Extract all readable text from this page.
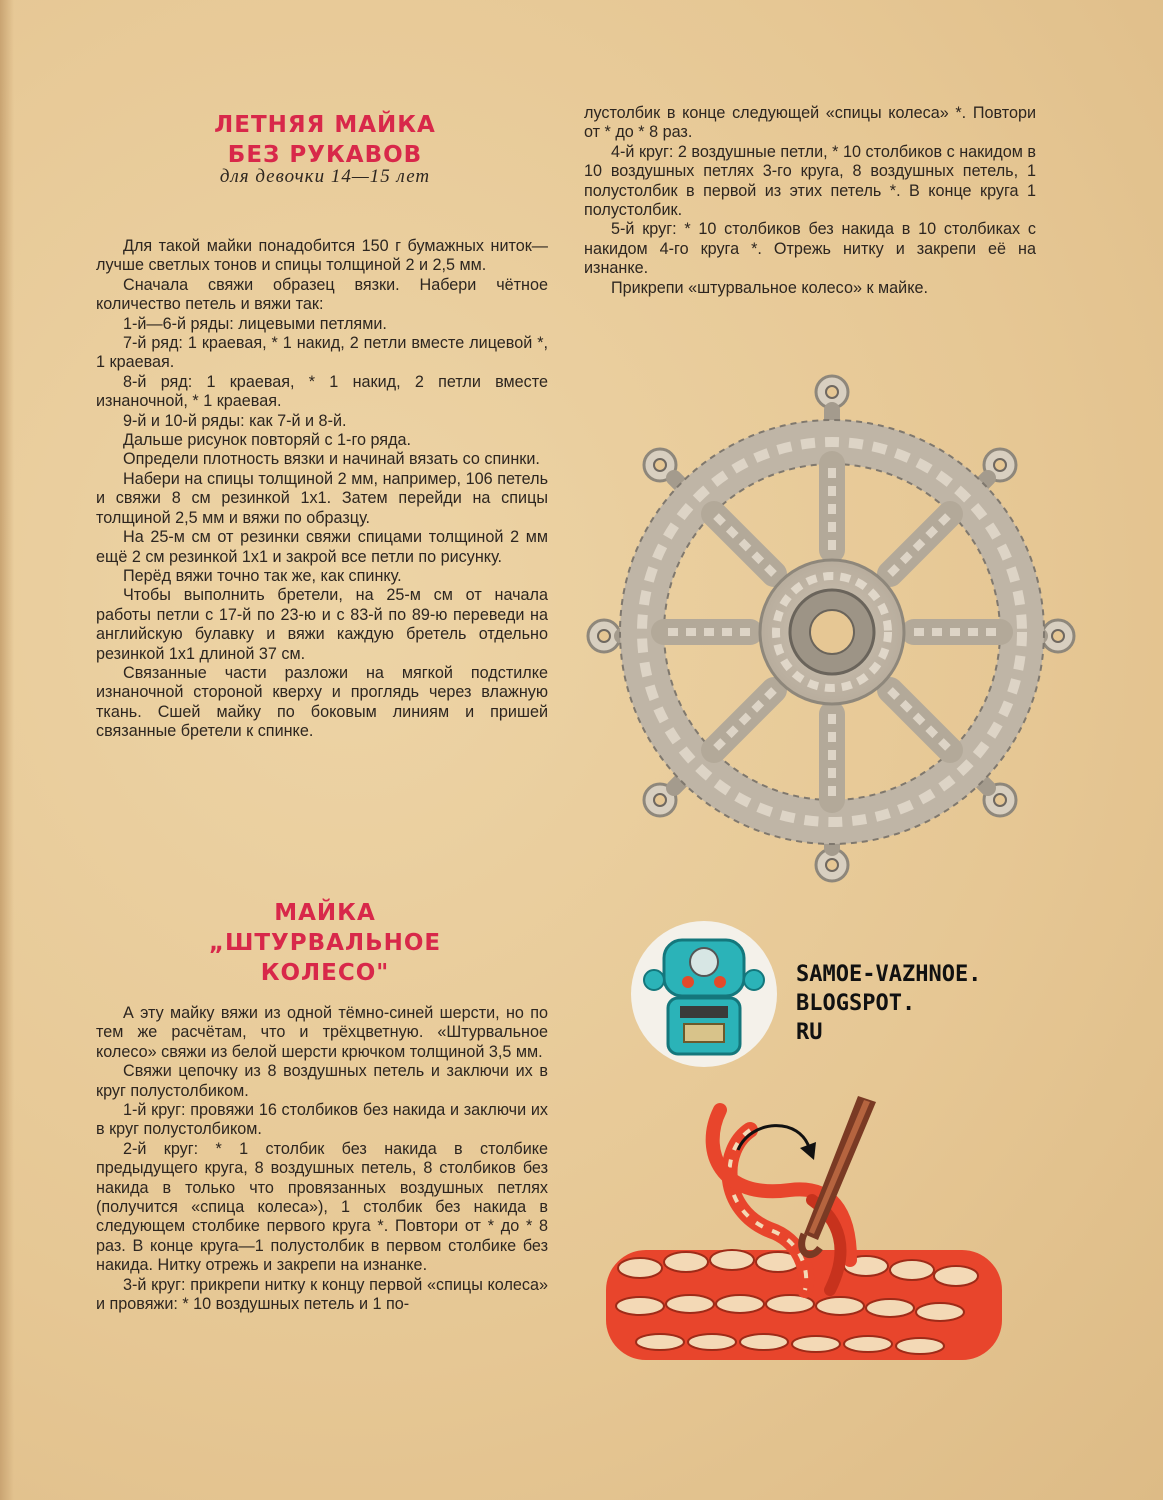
ЛЕТНЯЯ МАЙКА
БЕЗ РУКАВОВ
для девочки 14—15 лет

Для такой майки понадобится 150 г бумажных ниток—лучше светлых тонов и спицы толщиной 2 и 2,5 мм.

Сначала свяжи образец вязки. Набери чётное количество петель и вяжи так:

1-й—6-й ряды: лицевыми петлями.

7-й ряд: 1 краевая, * 1 накид, 2 петли вместе лицевой *, 1 краевая.

8-й ряд: 1 краевая, * 1 накид, 2 петли вместе изнаночной, * 1 краевая.

9-й и 10-й ряды: как 7-й и 8-й.

Дальше рисунок повторяй с 1-го ряда.

Определи плотность вязки и начинай вязать со спинки.

Набери на спицы толщиной 2 мм, например, 106 петель и свяжи 8 см резинкой 1х1. Затем перейди на спицы толщиной 2,5 мм и вяжи по образцу.

На 25-м см от резинки свяжи спицами толщиной 2 мм ещё 2 см резинкой 1х1 и закрой все петли по рисунку.

Перёд вяжи точно так же, как спинку.

Чтобы выполнить бретели, на 25-м см от начала работы петли с 17-й по 23-ю и с 83-й по 89-ю переведи на английскую булавку и вяжи каждую бретель отдельно резинкой 1х1 длиной 37 см.

Связанные части разложи на мягкой подстилке изнаночной стороной кверху и проглядь через влажную ткань. Сшей майку по боковым линиям и пришей связанные бретели к спинке.

МАЙКА
„ШТУРВАЛЬНОЕ КОЛЕСО"

А эту майку вяжи из одной тёмно-синей шерсти, но по тем же расчётам, что и трёхцветную. «Штурвальное колесо» свяжи из белой шерсти крючком толщиной 3,5 мм.

Свяжи цепочку из 8 воздушных петель и заключи их в круг полустолбиком.

1-й круг: провяжи 16 столбиков без накида и заключи их в круг полустолбиком.

2-й круг: * 1 столбик без накида в столбике предыдущего круга, 8 воздушных петель, 8 столбиков без накида в только что провязанных воздушных петлях (получится «спица колеса»), 1 столбик без накида в следующем столбике первого круга *. Повтори от * до * 8 раз. В конце круга—1 полустолбик в первом столбике без накида. Нитку отрежь и закрепи на изнанке.

3-й круг: прикрепи нитку к концу первой «спицы колеса» и провяжи: * 10 воздушных петель и 1 по-

лустолбик в конце следующей «спицы колеса» *. Повтори от * до * 8 раз.

4-й круг: 2 воздушные петли, * 10 столбиков с накидом в 10 воздушных петлях 3-го круга, 8 воздушных петель, 1 полустолбик в первой из этих петель *. В конце круга 1 полустолбик.

5-й круг: * 10 столбиков без накида в 10 столбиках с накидом 4-го круга *. Отрежь нитку и закрепи её на изнанке.

Прикрепи «штурвальное колесо» к майке.

SAMOE-VAZHNOE.
BLOGSPOT.
RU
